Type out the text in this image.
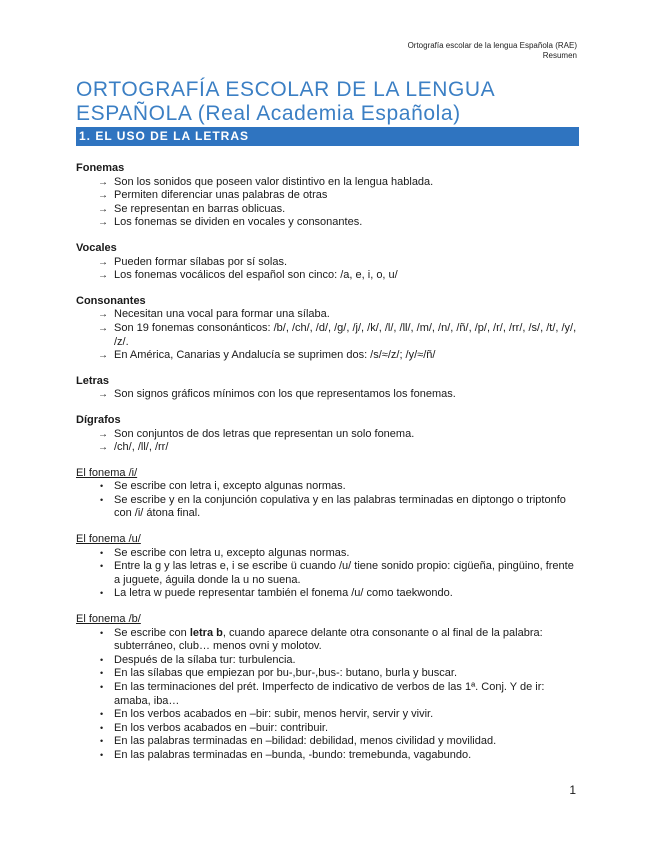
Ortografía escolar de la lengua Española (RAE)
Resumen
ORTOGRAFÍA ESCOLAR DE LA LENGUA ESPAÑOLA (Real Academia Española)
1. EL USO DE LA LETRAS
Fonemas
→ Son los sonidos que poseen valor distintivo en la lengua hablada.
→ Permiten diferenciar unas palabras de otras
→ Se representan en barras oblicuas.
→ Los fonemas se dividen en vocales y consonantes.
Vocales
→ Pueden formar sílabas por sí solas.
→ Los fonemas vocálicos del español son cinco: /a, e, i, o, u/
Consonantes
→ Necesitan una vocal para formar una sílaba.
→ Son 19 fonemas consonánticos: /b/, /ch/, /d/, /g/, /j/, /k/, /l/, /ll/, /m/, /n/, /ñ/, /p/, /r/, /rr/, /s/, /t/, /y/, /z/.
→ En América, Canarias y Andalucía se suprimen dos: /s/≈/z/; /y/≈/ñ/
Letras
→ Son signos gráficos mínimos con los que representamos los fonemas.
Dígrafos
→ Son conjuntos de dos letras que representan un solo fonema.
→ /ch/, /ll/, /rr/
El fonema /i/
• Se escribe con letra i, excepto algunas normas.
• Se escribe y en la conjunción copulativa y en las palabras terminadas en diptongo o triptonfo con /i/ átona final.
El fonema /u/
• Se escribe con letra u, excepto algunas normas.
• Entre la g y las letras e, i se escribe ü cuando /u/ tiene sonido propio: cigüeña, pingüino, frente a juguete, águila donde la u no suena.
• La letra w puede representar también el fonema /u/ como taekwondo.
El fonema /b/
• Se escribe con letra b, cuando aparece delante otra consonante o al final de la palabra: subterráneo, club… menos ovni y molotov.
• Después de la sílaba tur: turbulencia.
• En las sílabas que empiezan por bu-,bur-,bus-: butano, burla y buscar.
• En las terminaciones del prét. Imperfecto de indicativo de verbos de las 1ª. Conj. Y de ir: amaba, iba…
• En los verbos acabados en –bir: subir, menos hervir, servir y vivir.
• En los verbos acabados en –buir: contribuir.
• En las palabras terminadas en –bilidad: debilidad, menos civilidad y movilidad.
• En las palabras terminadas en –bunda, -bundo: tremebunda, vagabundo.
1
